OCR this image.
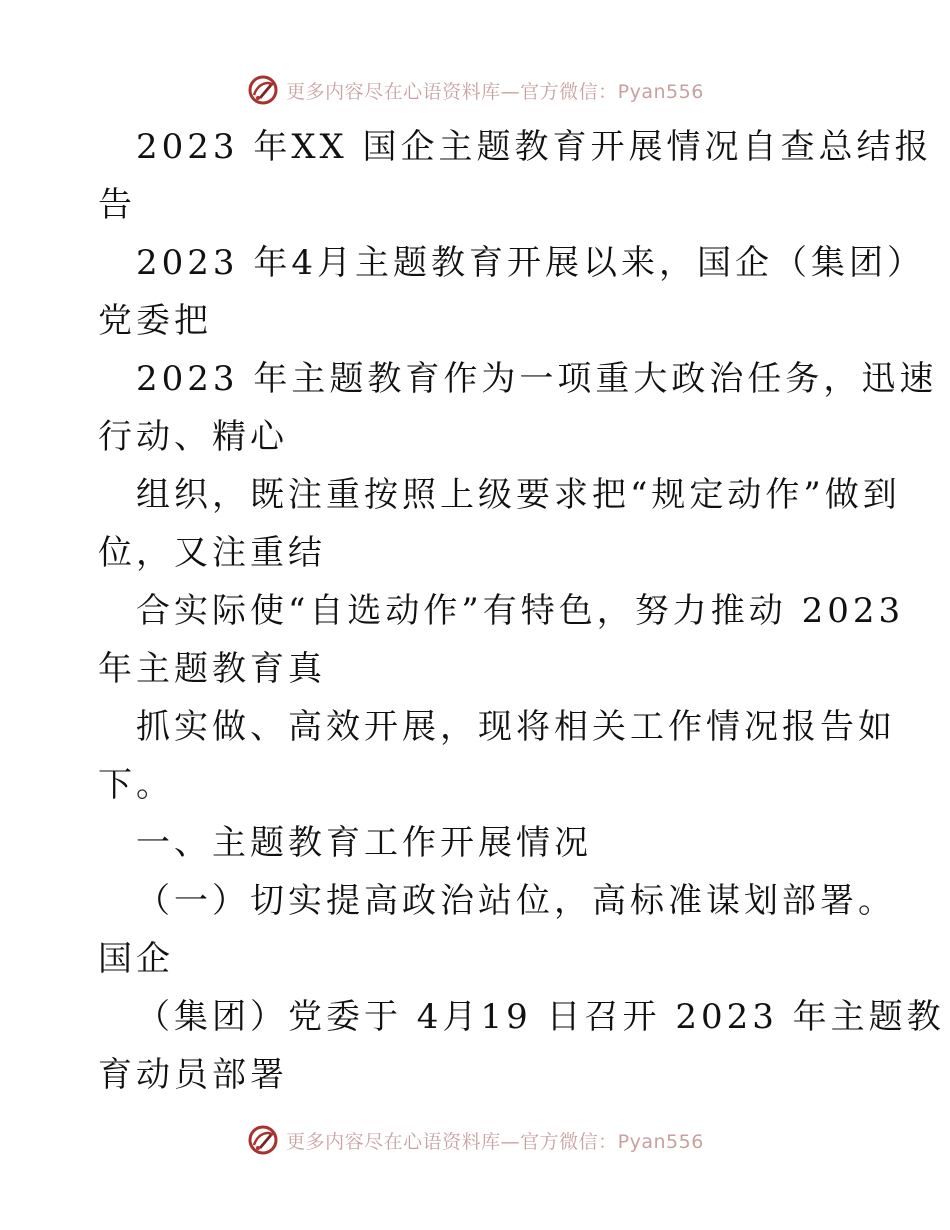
更多内容尽在心语资料库—官方微信：Pyan556
2023 年XX 国企主题教育开展情况自查总结报
告
2023 年4月主题教育开展以来，国企（集团）
党委把
2023 年主题教育作为一项重大政治任务，迅速
行动、精心
组织，既注重按照上级要求把“规定动作”做到
位，又注重结
合实际使“自选动作”有特色，努力推动 2023
年主题教育真
抓实做、高效开展，现将相关工作情况报告如
下。
一、主题教育工作开展情况
（一）切实提高政治站位，高标准谋划部署。
国企
（集团）党委于 4月19 日召开 2023 年主题教
育动员部署
更多内容尽在心语资料库—官方微信：Pyan556
